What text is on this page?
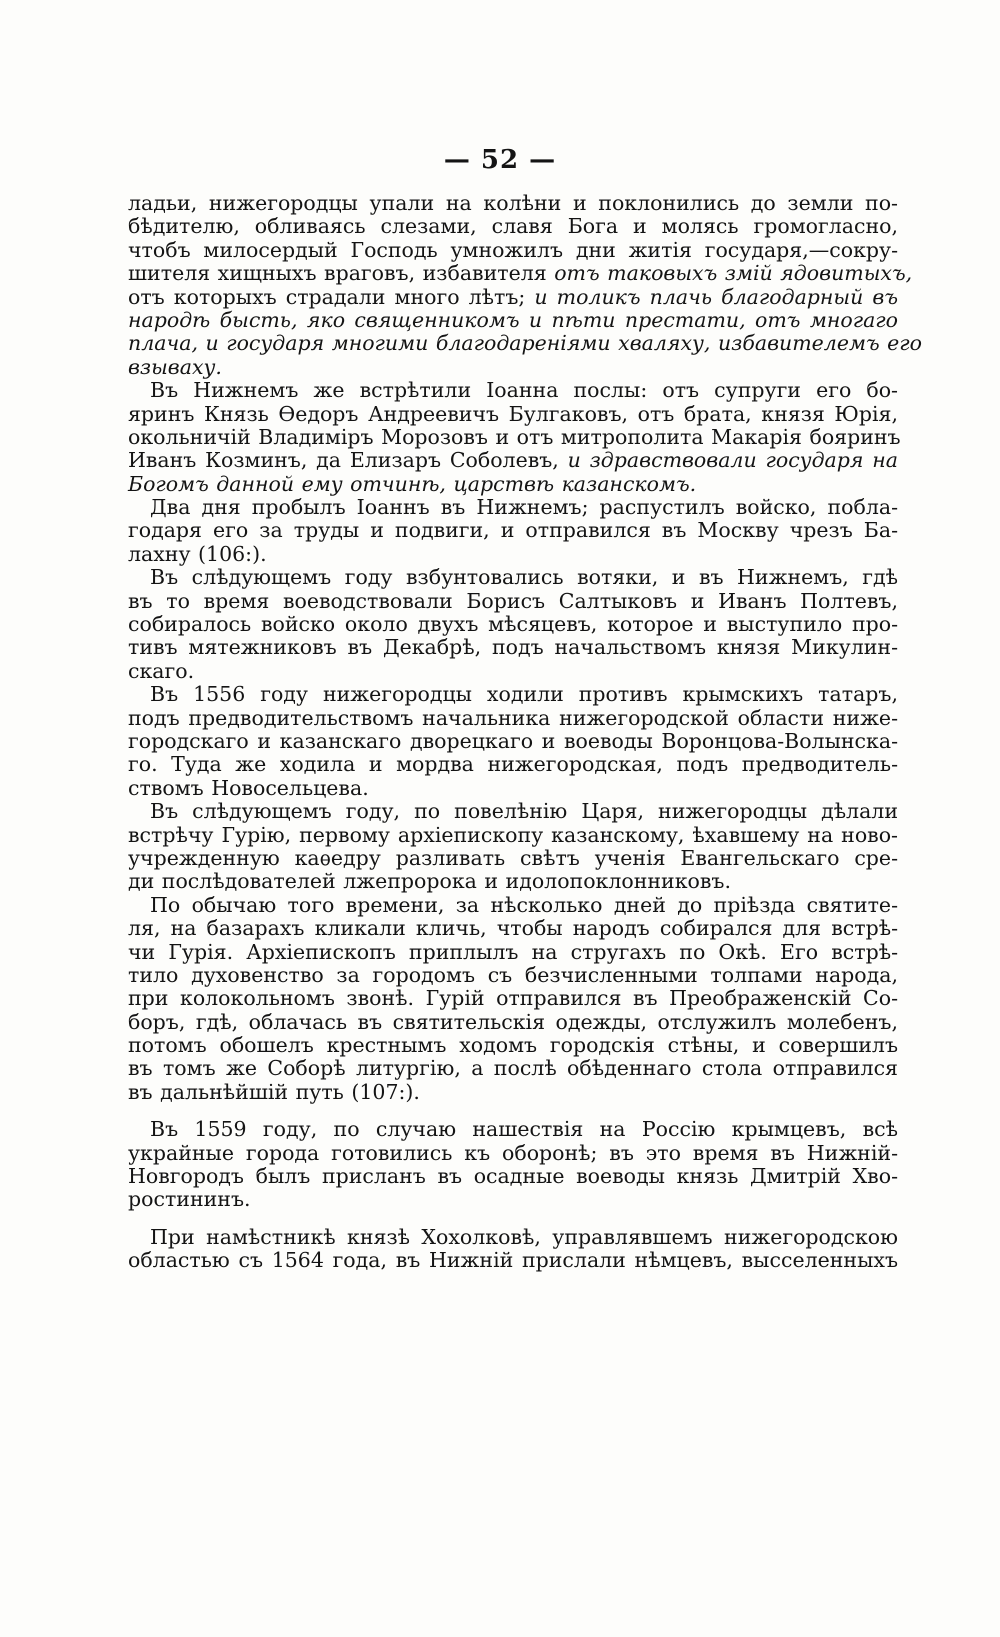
— 52 —
ладьи, нижегородцы упали на колѣни и поклонились до земли по-
бѣдителю, обливаясь слезами, славя Бога и молясь громогласно,
чтобъ милосердый Господь умножилъ дни житія государя,—сокру-
шителя хищныхъ враговъ, избавителя отъ таковыхъ змій ядовитыхъ,
отъ которыхъ страдали много лѣтъ; и толикъ плачь благодарный въ
народѣ бысть, яко священникомъ и пѣти престати, отъ многаго
плача, и государя многими благодареніями хваляху, избавителемъ его
взываху.
Въ Нижнемъ же встрѣтили Іоанна послы: отъ супруги его бо-
яринъ Князь Ѳедоръ Андреевичъ Булгаковъ, отъ брата, князя Юрія,
окольничій Владиміръ Морозовъ и отъ митрополита Макарія бояринъ
Иванъ Козминъ, да Елизаръ Соболевъ, и здравствовали государя на
Богомъ данной ему отчинѣ, царствѣ казанскомъ.
Два дня пробылъ Іоаннъ въ Нижнемъ; распустилъ войско, побла-
годаря его за труды и подвиги, и отправился въ Москву чрезъ Ба-
лахну (106:).
Въ слѣдующемъ году взбунтовались вотяки, и въ Нижнемъ, гдѣ
въ то время воеводствовали Борисъ Салтыковъ и Иванъ Полтевъ,
собиралось войско около двухъ мѣсяцевъ, которое и выступило про-
тивъ мятежниковъ въ Декабрѣ, подъ начальствомъ князя Микулин-
скаго.
Въ 1556 году нижегородцы ходили противъ крымскихъ татаръ,
подъ предводительствомъ начальника нижегородской области ниже-
городскаго и казанскаго дворецкаго и воеводы Воронцова-Волынска-
го. Туда же ходила и мордва нижегородская, подъ предводитель-
ствомъ Новосельцева.
Въ слѣдующемъ году, по повелѣнію Царя, нижегородцы дѣлали
встрѣчу Гурію, первому архіепископу казанскому, ѣхавшему на ново-
учрежденную каѳедру разливать свѣтъ ученія Евангельскаго сре-
ди послѣдователей лжепророка и идолопоклонниковъ.
По обычаю того времени, за нѣсколько дней до пріѣзда святите-
ля, на базарахъ кликали кличь, чтобы народъ собирался для встрѣ-
чи Гурія. Архіепископъ приплылъ на стругахъ по Окѣ. Его встрѣ-
тило духовенство за городомъ съ безчисленными толпами народа,
при колокольномъ звонѣ. Гурій отправился въ Преображенскій Со-
боръ, гдѣ, облачась въ святительскія одежды, отслужилъ молебенъ,
потомъ обошелъ крестнымъ ходомъ городскія стѣны, и совершилъ
въ томъ же Соборѣ литургію, а послѣ обѣденнаго стола отправился
въ дальнѣйшій путь (107:).
Въ 1559 году, по случаю нашествія на Россію крымцевъ, всѣ
украйные города готовились къ оборонѣ; въ это время въ Нижній-
Новгородъ былъ присланъ въ осадные воеводы князь Дмитрій Хво-
ростининъ.
При намѣстникѣ князѣ Хохолковѣ, управлявшемъ нижегородскою
областью съ 1564 года, въ Нижній прислали нѣмцевъ, высселенныхъ
